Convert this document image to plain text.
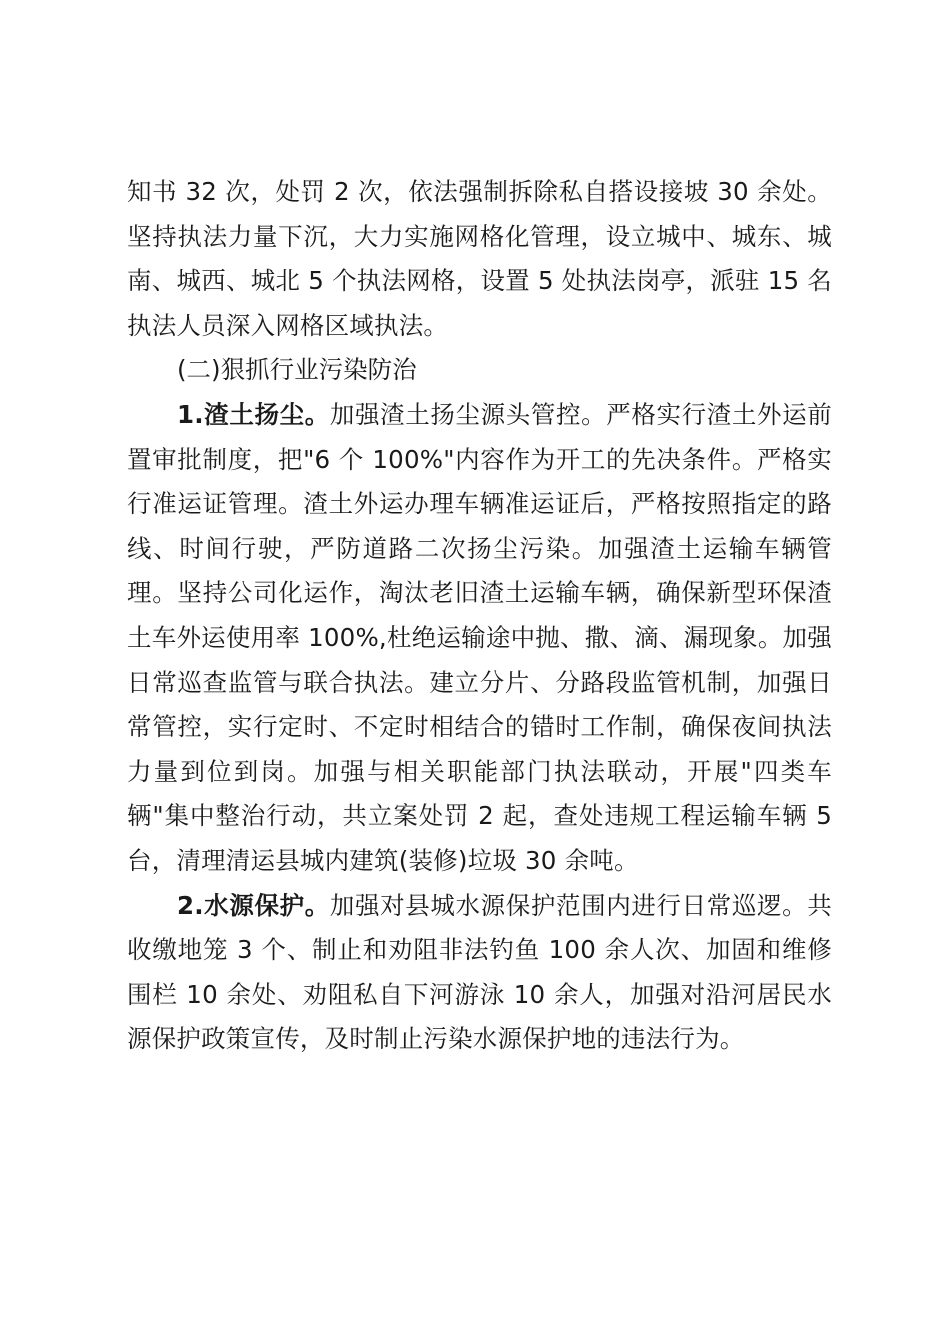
知书 32 次，处罚 2 次，依法强制拆除私自搭设接坡 30 余处。坚持执法力量下沉，大力实施网格化管理，设立城中、城东、城南、城西、城北 5 个执法网格，设置 5 处执法岗亭，派驻 15 名执法人员深入网格区域执法。

(二)狠抓行业污染防治

1.渣土扬尘。加强渣土扬尘源头管控。严格实行渣土外运前置审批制度，把"6 个 100%"内容作为开工的先决条件。严格实行准运证管理。渣土外运办理车辆准运证后，严格按照指定的路线、时间行驶，严防道路二次扬尘污染。加强渣土运输车辆管理。坚持公司化运作，淘汰老旧渣土运输车辆，确保新型环保渣土车外运使用率 100%,杜绝运输途中抛、撒、滴、漏现象。加强日常巡查监管与联合执法。建立分片、分路段监管机制，加强日常管控，实行定时、不定时相结合的错时工作制，确保夜间执法力量到位到岗。加强与相关职能部门执法联动，开展"四类车辆"集中整治行动，共立案处罚 2 起，查处违规工程运输车辆 5 台，清理清运县城内建筑(装修)垃圾 30 余吨。

2.水源保护。加强对县城水源保护范围内进行日常巡逻。共收缴地笼 3 个、制止和劝阻非法钓鱼 100 余人次、加固和维修围栏 10 余处、劝阻私自下河游泳 10 余人，加强对沿河居民水源保护政策宣传，及时制止污染水源保护地的违法行为。
